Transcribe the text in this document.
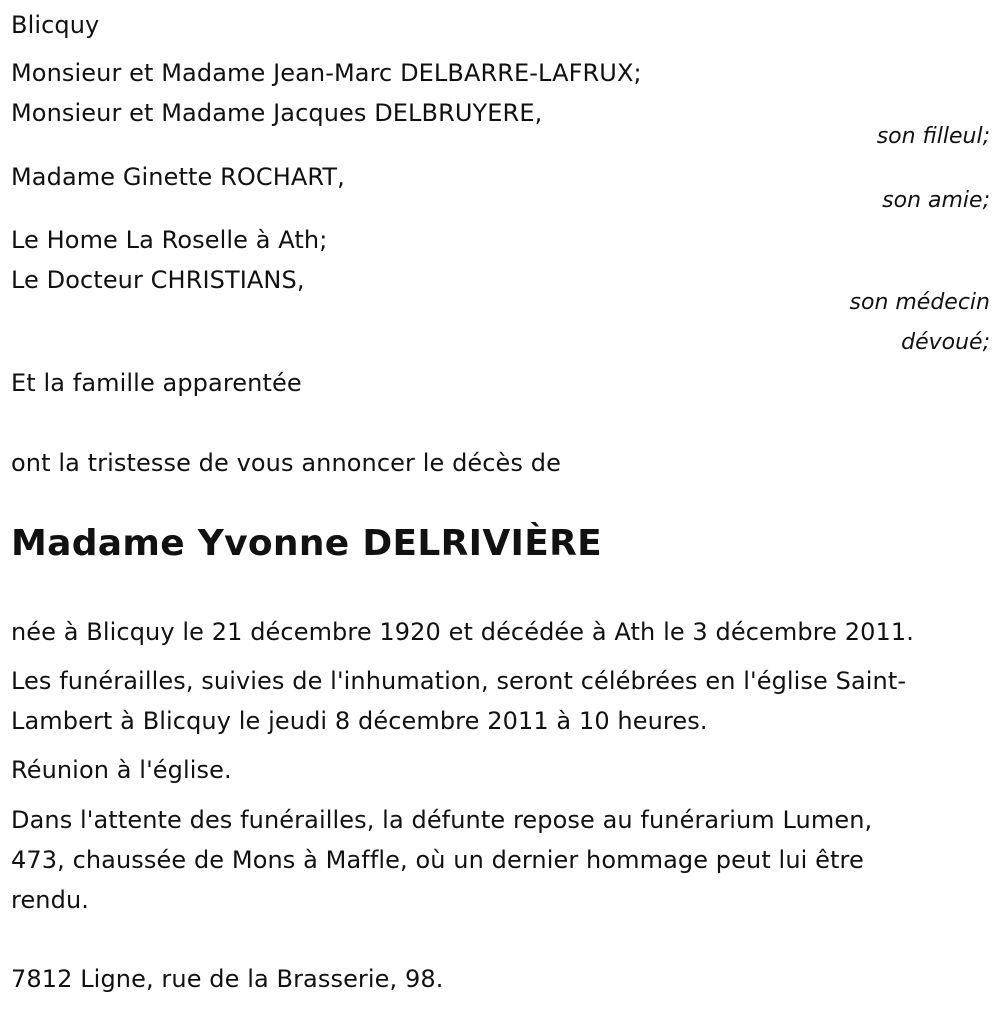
Blicquy
Monsieur et Madame Jean-Marc DELBARRE-LAFRUX;
Monsieur et Madame Jacques DELBRUYERE,
son filleul;
Madame Ginette ROCHART,
son amie;
Le Home La Roselle à Ath;
Le Docteur CHRISTIANS,
son médecin
dévoué;
Et la famille apparentée
ont la tristesse de vous annoncer le décès de
Madame Yvonne DELRIVIÈRE
née à Blicquy le 21 décembre 1920 et décédée à Ath le 3 décembre 2011.
Les funérailles, suivies de l'inhumation, seront célébrées en l'église Saint-
Lambert à Blicquy le jeudi 8 décembre 2011 à 10 heures.
Réunion à l'église.
Dans l'attente des funérailles, la défunte repose au funérarium Lumen,
473, chaussée de Mons à Maffle, où un dernier hommage peut lui être
rendu.
7812 Ligne, rue de la Brasserie, 98.
